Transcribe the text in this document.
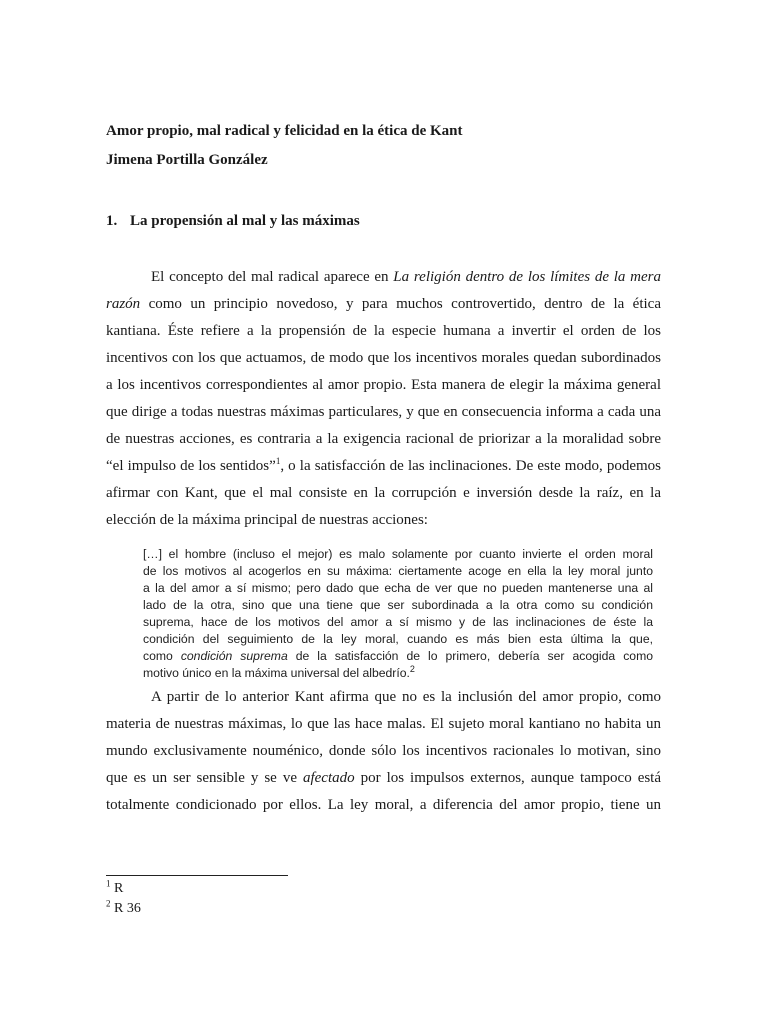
Amor propio, mal radical y felicidad en la ética de Kant
Jimena Portilla González
1. La propensión al mal y las máximas
El concepto del mal radical aparece en La religión dentro de los límites de la mera
razón como un principio novedoso, y para muchos controvertido, dentro de la ética
kantiana. Éste refiere a la propensión de la especie humana a invertir el orden de los
incentivos con los que actuamos, de modo que los incentivos morales quedan subordinados
a los incentivos correspondientes al amor propio. Esta manera de elegir la máxima general
que dirige a todas nuestras máximas particulares, y que en consecuencia informa a cada una
de nuestras acciones, es contraria a la exigencia racional de priorizar a la moralidad sobre
“el impulso de los sentidos”$^1$, o la satisfacción de las inclinaciones. De este modo, podemos
afirmar con Kant, que el mal consiste en la corrupción e inversión desde la raíz, en la
elección de la máxima principal de nuestras acciones:
[…] el hombre (incluso el mejor) es malo solamente por cuanto invierte el orden moral
de los motivos al acogerlos en su máxima: ciertamente acoge en ella la ley moral junto
a la del amor a sí mismo; pero dado que echa de ver que no pueden mantenerse una al
lado de la otra, sino que una tiene que ser subordinada a la otra como su condición
suprema, hace de los motivos del amor a sí mismo y de las inclinaciones de éste la
condición del seguimiento de la ley moral, cuando es más bien esta última la que,
como condición suprema de la satisfacción de lo primero, debería ser acogida como
motivo único en la máxima universal del albedrío.$^2$
A partir de lo anterior Kant afirma que no es la inclusión del amor propio, como
materia de nuestras máximas, lo que las hace malas. El sujeto moral kantiano no habita un
mundo exclusivamente nouménico, donde sólo los incentivos racionales lo motivan, sino
que es un ser sensible y se ve afectado por los impulsos externos, aunque tampoco está
totalmente condicionado por ellos. La ley moral, a diferencia del amor propio, tiene un
$^1$ R
$^2$ R 36
